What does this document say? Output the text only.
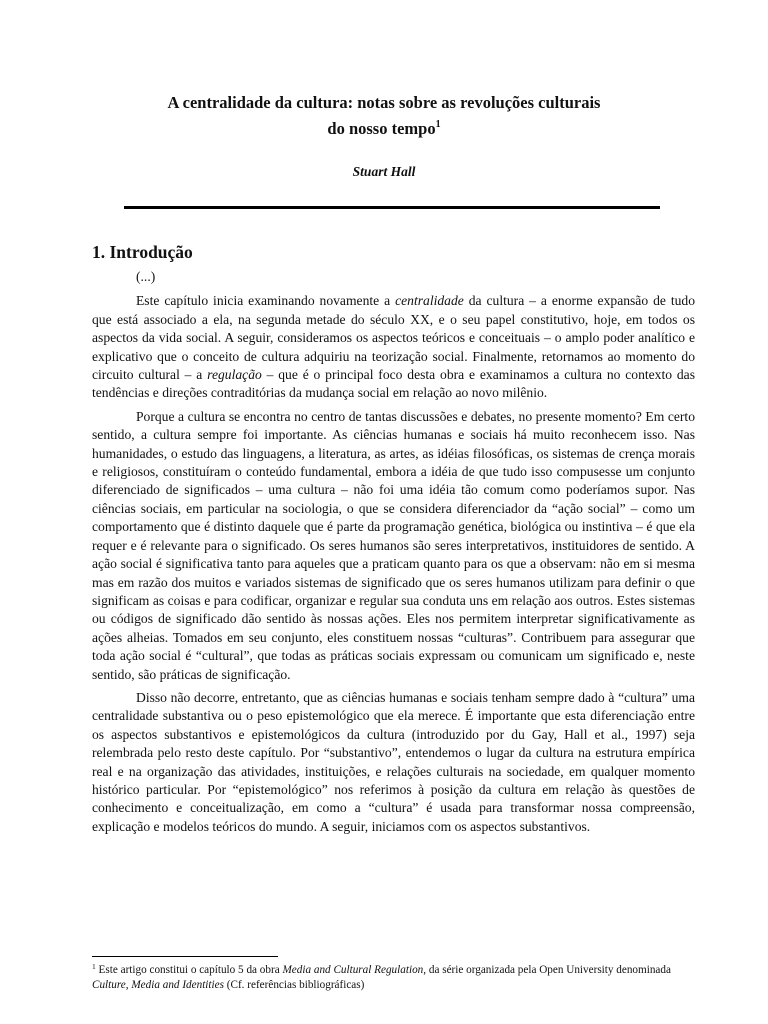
A centralidade da cultura: notas sobre as revoluções culturais
do nosso tempo$^1$
Stuart Hall
1. Introdução

(...)

Este capítulo inicia examinando novamente a centralidade da cultura – a enorme expansão de tudo que está associado a ela, na segunda metade do século XX, e o seu papel constitutivo, hoje, em todos os aspectos da vida social. A seguir, consideramos os aspectos teóricos e conceituais – o amplo poder analítico e explicativo que o conceito de cultura adquiriu na teorização social. Finalmente, retornamos ao momento do circuito cultural – a regulação – que é o principal foco desta obra e examinamos a cultura no contexto das tendências e direções contraditórias da mudança social em relação ao novo milênio.

Porque a cultura se encontra no centro de tantas discussões e debates, no presente momento? Em certo sentido, a cultura sempre foi importante. As ciências humanas e sociais há muito reconhecem isso. Nas humanidades, o estudo das linguagens, a literatura, as artes, as idéias filosóficas, os sistemas de crença morais e religiosos, constituíram o conteúdo fundamental, embora a idéia de que tudo isso compusesse um conjunto diferenciado de significados – uma cultura – não foi uma idéia tão comum como poderíamos supor. Nas ciências sociais, em particular na sociologia, o que se considera diferenciador da “ação social” – como um comportamento que é distinto daquele que é parte da programação genética, biológica ou instintiva – é que ela requer e é relevante para o significado. Os seres humanos são seres interpretativos, instituidores de sentido. A ação social é significativa tanto para aqueles que a praticam quanto para os que a observam: não em si mesma mas em razão dos muitos e variados sistemas de significado que os seres humanos utilizam para definir o que significam as coisas e para codificar, organizar e regular sua conduta uns em relação aos outros. Estes sistemas ou códigos de significado dão sentido às nossas ações. Eles nos permitem interpretar significativamente as ações alheias. Tomados em seu conjunto, eles constituem nossas “culturas”. Contribuem para assegurar que toda ação social é “cultural”, que todas as práticas sociais expressam ou comunicam um significado e, neste sentido, são práticas de significação.

Disso não decorre, entretanto, que as ciências humanas e sociais tenham sempre dado à “cultura” uma centralidade substantiva ou o peso epistemológico que ela merece. É importante que esta diferenciação entre os aspectos substantivos e epistemológicos da cultura (introduzido por du Gay, Hall et al., 1997) seja relembrada pelo resto deste capítulo. Por “substantivo”, entendemos o lugar da cultura na estrutura empírica real e na organização das atividades, instituições, e relações culturais na sociedade, em qualquer momento histórico particular. Por “epistemológico” nos referimos à posição da cultura em relação às questões de conhecimento e conceitualização, em como a “cultura” é usada para transformar nossa compreensão, explicação e modelos teóricos do mundo. A seguir, iniciamos com os aspectos substantivos.

$^1$ Este artigo constitui o capítulo 5 da obra Media and Cultural Regulation, da série organizada pela Open University denominada Culture, Media and Identities (Cf. referências bibliográficas)
